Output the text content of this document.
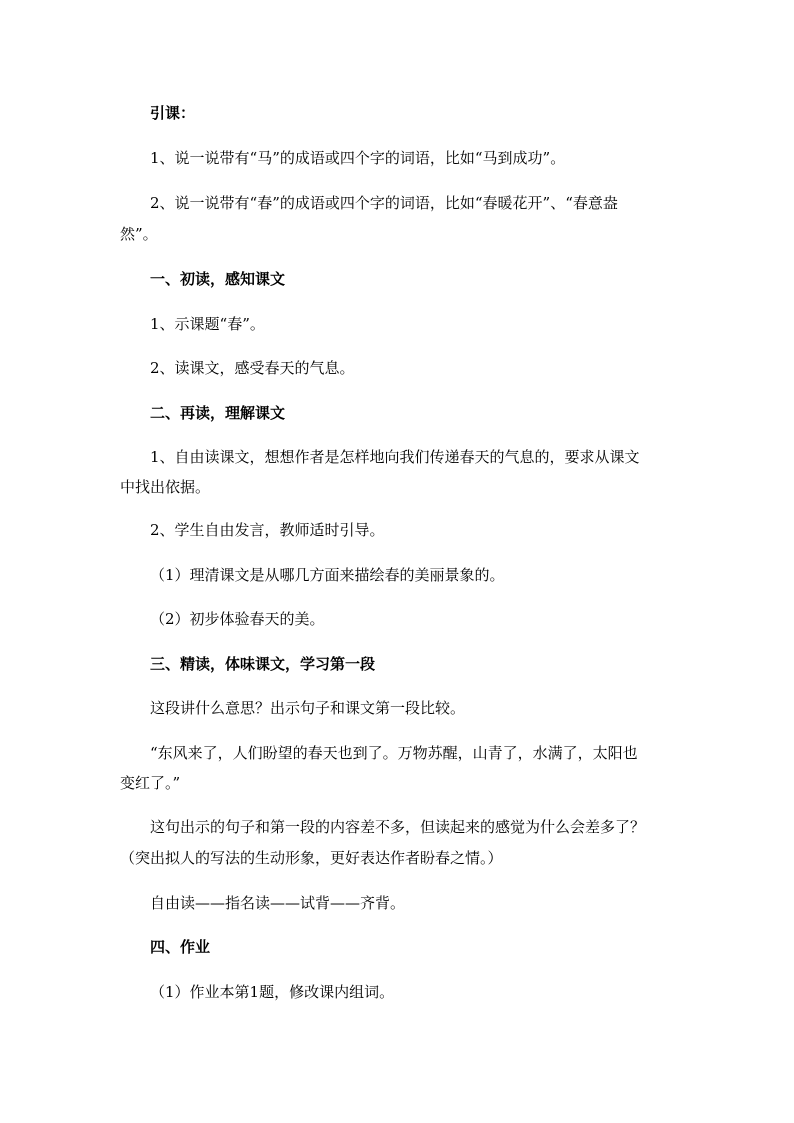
引课：

1、说一说带有“马”的成语或四个字的词语，比如“马到成功”。

2、说一说带有“春”的成语或四个字的词语，比如“春暖花开”、“春意盎

然”。

一、初读，感知课文

1、示课题“春”。

2、读课文，感受春天的气息。

二、再读，理解课文

1、自由读课文，想想作者是怎样地向我们传递春天的气息的，要求从课文

中找出依据。

2、学生自由发言，教师适时引导。

（1）理清课文是从哪几方面来描绘春的美丽景象的。

（2）初步体验春天的美。

三、精读，体味课文，学习第一段

这段讲什么意思？出示句子和课文第一段比较。

“东风来了，人们盼望的春天也到了。万物苏醒，山青了，水满了，太阳也

变红了。”

这句出示的句子和第一段的内容差不多，但读起来的感觉为什么会差多了？

（突出拟人的写法的生动形象，更好表达作者盼春之情。）

自由读——指名读——试背——齐背。

四、作业

（1）作业本第1题，修改课内组词。
